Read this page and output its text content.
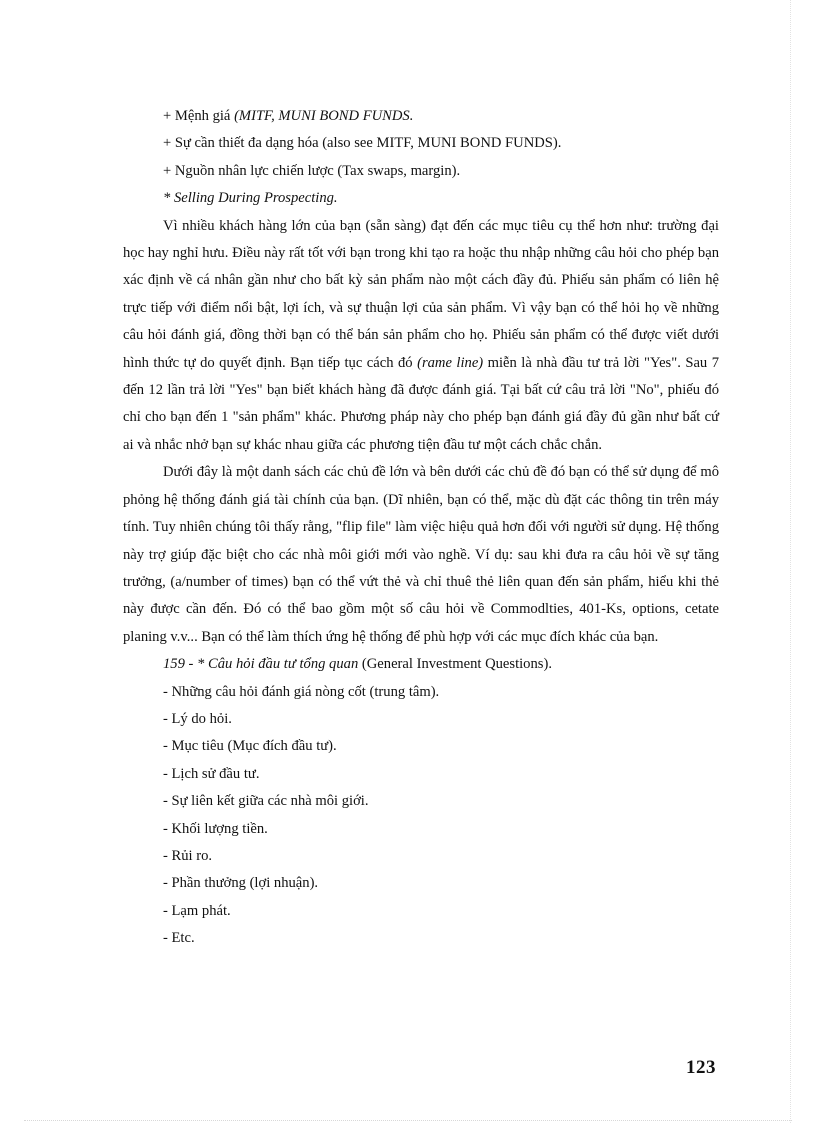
+ Mệnh giá (MITF, MUNI BOND FUNDS.

+ Sự cần thiết đa dạng hóa (also see MITF, MUNI BOND FUNDS).

+ Nguồn nhân lực chiến lược (Tax swaps, margin).

* Selling During Prospecting.

Vì nhiều khách hàng lớn của bạn (sẵn sàng) đạt đến các mục tiêu cụ thể hơn như: trường đại học hay nghỉ hưu. Điều này rất tốt với bạn trong khi tạo ra hoặc thu nhập những câu hỏi cho phép bạn xác định về cá nhân gần như cho bất kỳ sản phẩm nào một cách đầy đủ. Phiếu sản phẩm có liên hệ trực tiếp với điểm nổi bật, lợi ích, và sự thuận lợi của sản phẩm. Vì vậy bạn có thể hỏi họ về những câu hỏi đánh giá, đồng thời bạn có thể bán sản phẩm cho họ. Phiếu sản phẩm có thể được viết dưới hình thức tự do quyết định. Bạn tiếp tục cách đó (rame line) miễn là nhà đầu tư trả lời "Yes". Sau 7 đến 12 lần trả lời "Yes" bạn biết khách hàng đã được đánh giá. Tại bất cứ câu trả lời "No", phiếu đó chỉ cho bạn đến 1 "sản phẩm" khác. Phương pháp này cho phép bạn đánh giá đầy đủ gần như bất cứ ai và nhắc nhở bạn sự khác nhau giữa các phương tiện đầu tư một cách chắc chắn.

Dưới đây là một danh sách các chủ đề lớn và bên dưới các chủ đề đó bạn có thể sử dụng để mô phỏng hệ thống đánh giá tài chính của bạn. (Dĩ nhiên, bạn có thể, mặc dù đặt các thông tin trên máy tính. Tuy nhiên chúng tôi thấy rằng, "flip file" làm việc hiệu quả hơn đối với người sử dụng. Hệ thống này trợ giúp đặc biệt cho các nhà môi giới mới vào nghề. Ví dụ: sau khi đưa ra câu hỏi về sự tăng trưởng, (a/number of times) bạn có thể vứt thẻ và chỉ thuê thẻ liên quan đến sản phẩm, hiểu khi thẻ này được cần đến. Đó có thể bao gồm một số câu hỏi về Commodlties, 401-Ks, options, cetate planing v.v... Bạn có thể làm thích ứng hệ thống để phù hợp với các mục đích khác của bạn.

159 - * Câu hỏi đầu tư tổng quan (General Investment Questions).

- Những câu hỏi đánh giá nòng cốt (trung tâm).

- Lý do hỏi.

- Mục tiêu (Mục đích đầu tư).

- Lịch sử đầu tư.

- Sự liên kết giữa các nhà môi giới.

- Khối lượng tiền.

- Rủi ro.

- Phần thưởng (lợi nhuận).

- Lạm phát.

- Etc.

123
